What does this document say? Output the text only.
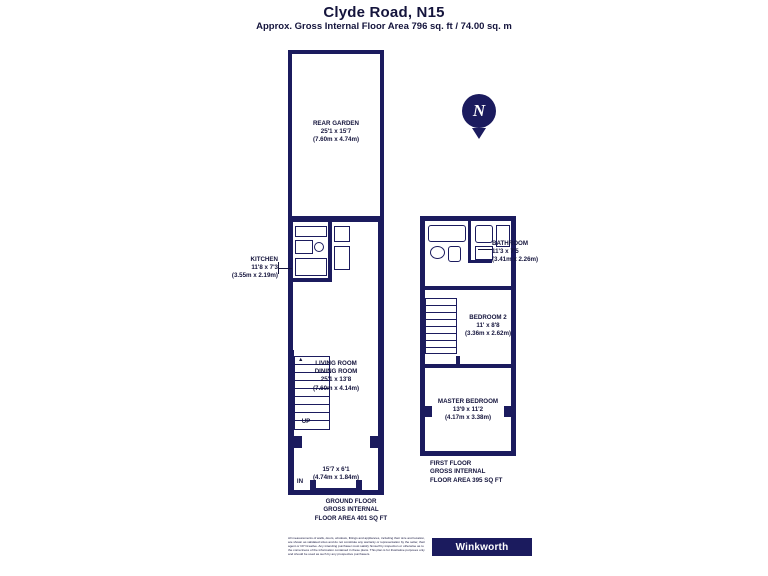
Clyde Road, N15
Approx. Gross Internal Floor Area 796 sq. ft / 74.00 sq. m
N
▲
UP
IN
REAR GARDEN
25'1 x 15'7
(7.60m x 4.74m)
KITCHEN
11'8 x 7'3
(3.55m x 2.19m)
LIVING ROOM
DINING ROOM
25'1 x 13'8
(7.60m x 4.14m)
15'7 x 6'1
(4.74m x 1.84m)
GROUND FLOOR
GROSS INTERNAL
FLOOR AREA 401 SQ FT
BATHROOM
11'3 x 7'5
(3.41m x 2.26m)
BEDROOM 2
11' x 8'8
(3.36m x 2.62m)
MASTER BEDROOM
13'9 x 11'2
(4.17m x 3.38m)
FIRST FLOOR
GROSS INTERNAL
FLOOR AREA 395 SQ FT
All measurements of walls, doors, windows, fittings and appliances, including their size and location, are shown as validated sizes and do not constitute any warranty or representation by the seller, their agent or CP Creative. Any intending purchaser must satisfy himself by inspection or otherwise as to the correctness of the information contained in these plans. This plan is for illustrative purposes only and should be used as such by any prospective purchasers.
Winkworth
